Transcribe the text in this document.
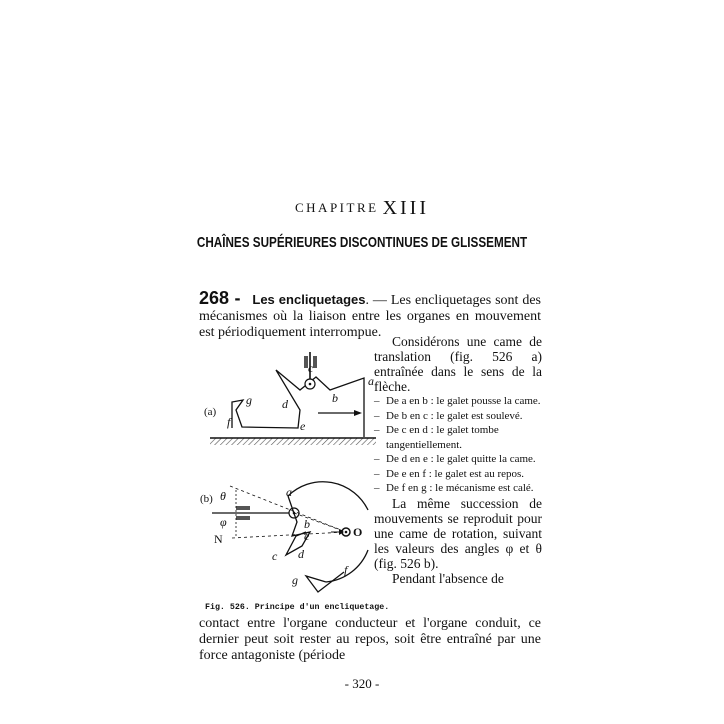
CHAPITRE XIII
CHAÎNES SUPÉRIEURES DISCONTINUES DE GLISSEMENT
268 - Les encliquetages. — Les encliquetages sont des mécanismes où la liaison entre les organes en mouvement est périodiquement interrompue.
(a)
a
b
c
d
e
f
g
(b) θ
φ
N
a
b
c d
e
f
g
O
Fig. 526. Principe d'un encliquetage.

Considérons une came de translation (fig. 526 a) entraînée dans le sens de la flèche.

– De a en b : le galet pousse la came.
– De b en c : le galet est soulevé.
– De c en d : le galet tombe tangentiellement.
– De d en e : le galet quitte la came.
– De e en f : le galet est au repos.
– De f en g : le mécanisme est calé.

La même succession de mouvements se reproduit pour une came de rotation, suivant les valeurs des angles φ et θ (fig. 526 b).

Pendant l'absence de

contact entre l'organe conducteur et l'organe conduit, ce dernier peut soit rester au repos, soit être entraîné par une force antagoniste (période
- 320 -
